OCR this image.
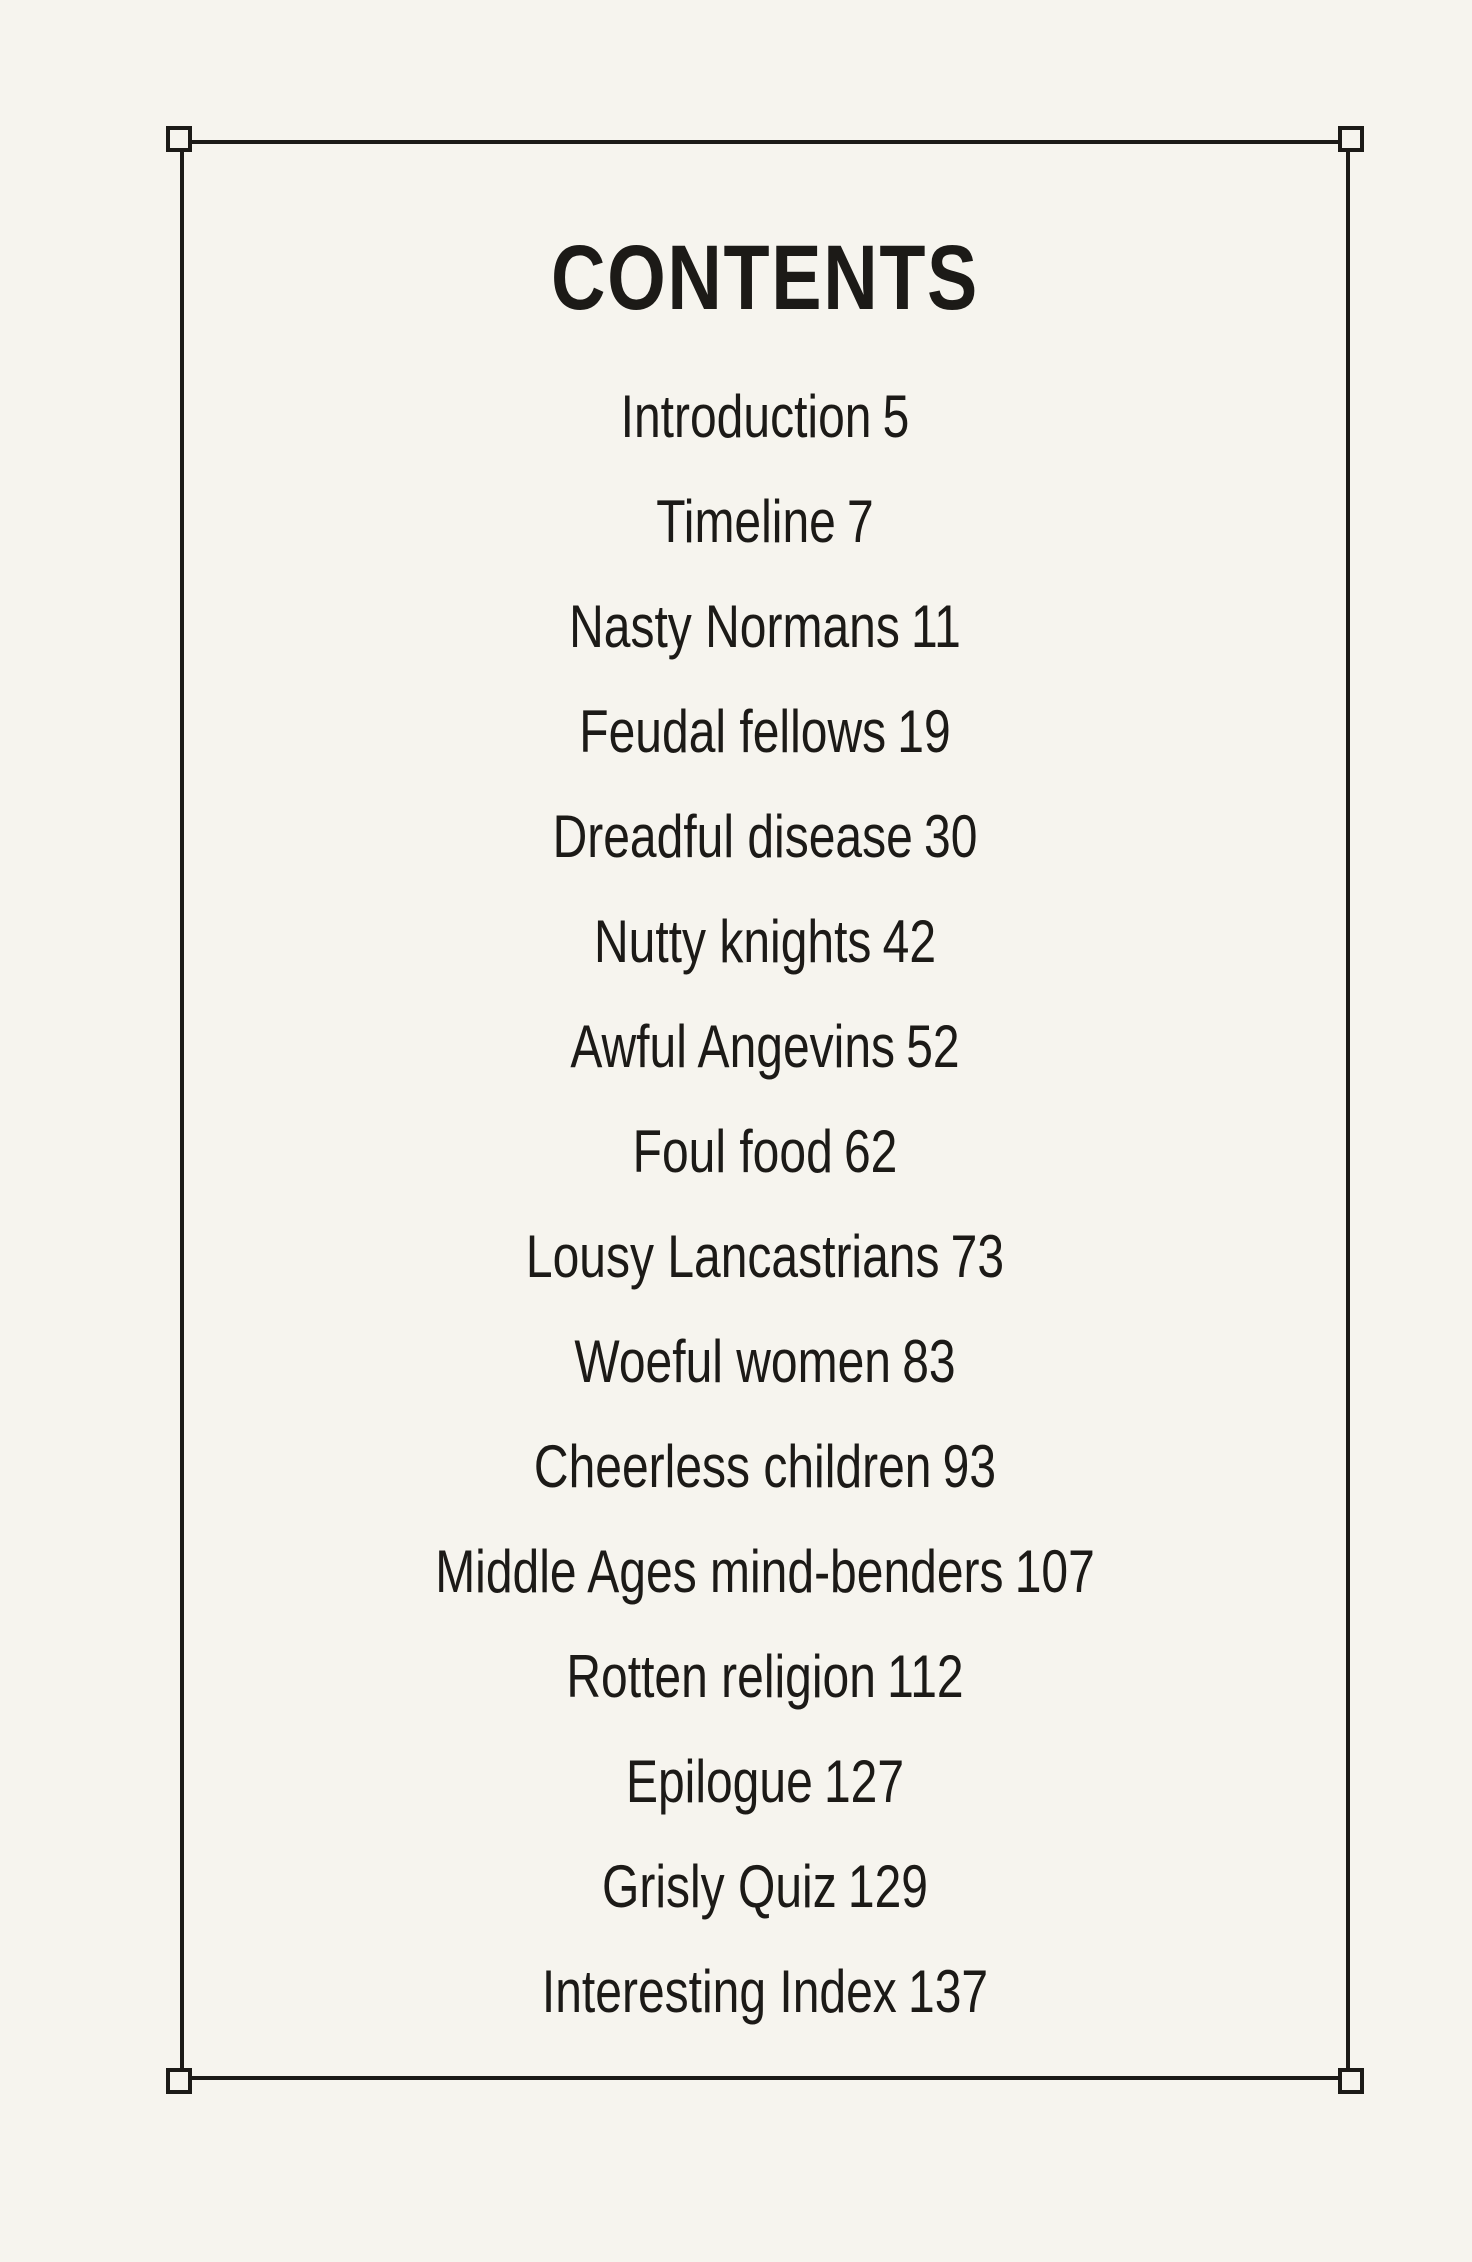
CONTENTS
Introduction 5
Timeline 7
Nasty Normans 11
Feudal fellows 19
Dreadful disease 30
Nutty knights 42
Awful Angevins 52
Foul food 62
Lousy Lancastrians 73
Woeful women 83
Cheerless children 93
Middle Ages mind-benders 107
Rotten religion 112
Epilogue 127
Grisly Quiz 129
Interesting Index 137
